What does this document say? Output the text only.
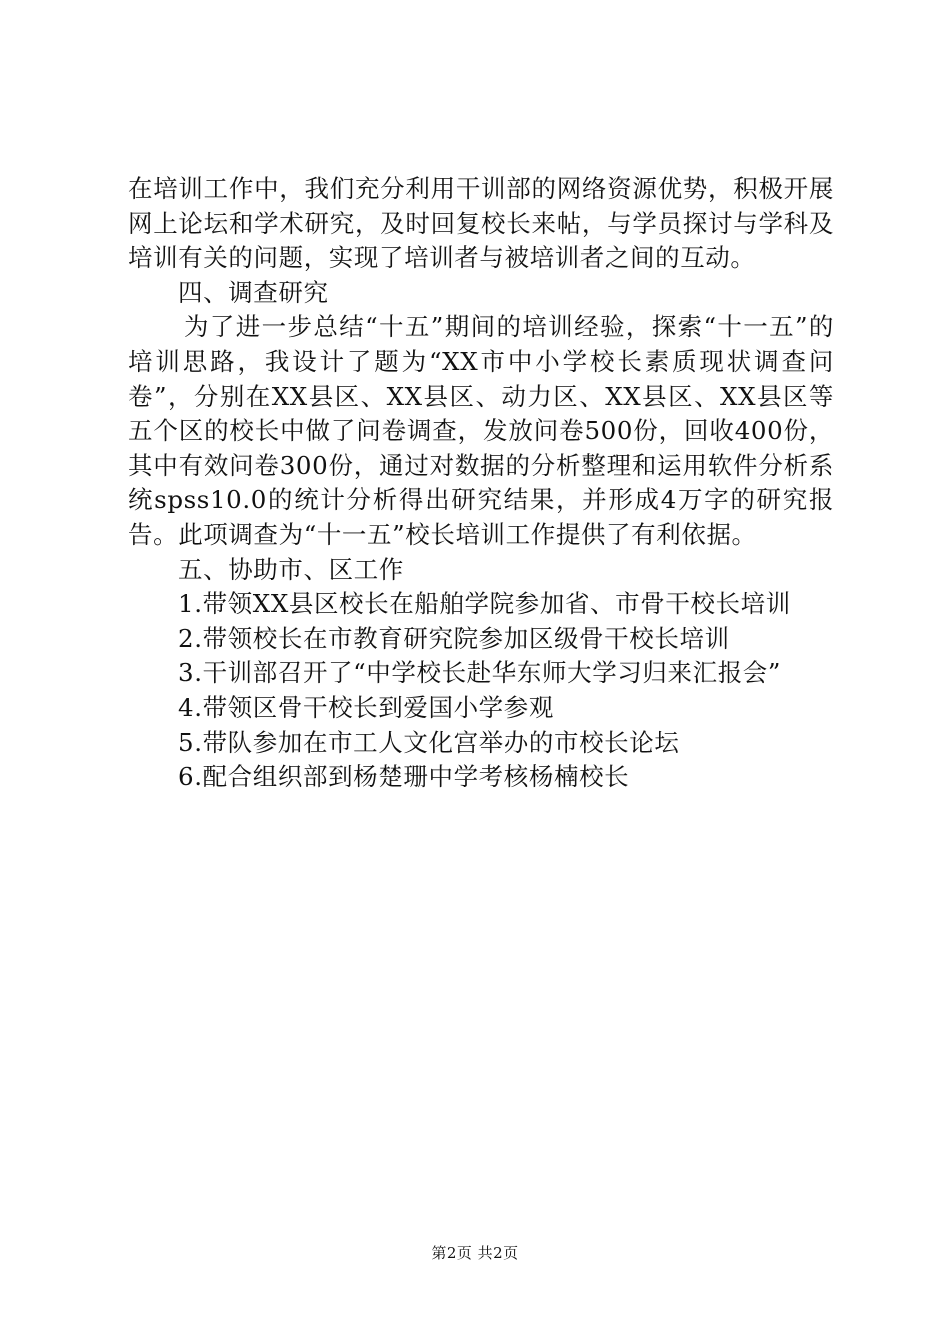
在培训工作中，我们充分利用干训部的网络资源优势，积极开展网上论坛和学术研究，及时回复校长来帖，与学员探讨与学科及培训有关的问题，实现了培训者与被培训者之间的互动。

四、调查研究

为了进一步总结“十五”期间的培训经验，探索“十一五”的培训思路，我设计了题为“XX市中小学校长素质现状调查问卷”，分别在XX县区、XX县区、动力区、XX县区、XX县区等五个区的校长中做了问卷调查，发放问卷500份，回收400份，其中有效问卷300份，通过对数据的分析整理和运用软件分析系统spss10.0的统计分析得出研究结果，并形成4万字的研究报告。此项调查为“十一五”校长培训工作提供了有利依据。

五、协助市、区工作

1.带领XX县区校长在船舶学院参加省、市骨干校长培训

2.带领校长在市教育研究院参加区级骨干校长培训

3.干训部召开了“中学校长赴华东师大学习归来汇报会”

4.带领区骨干校长到爱国小学参观

5.带队参加在市工人文化宫举办的市校长论坛

6.配合组织部到杨楚珊中学考核杨楠校长

第2页 共2页
